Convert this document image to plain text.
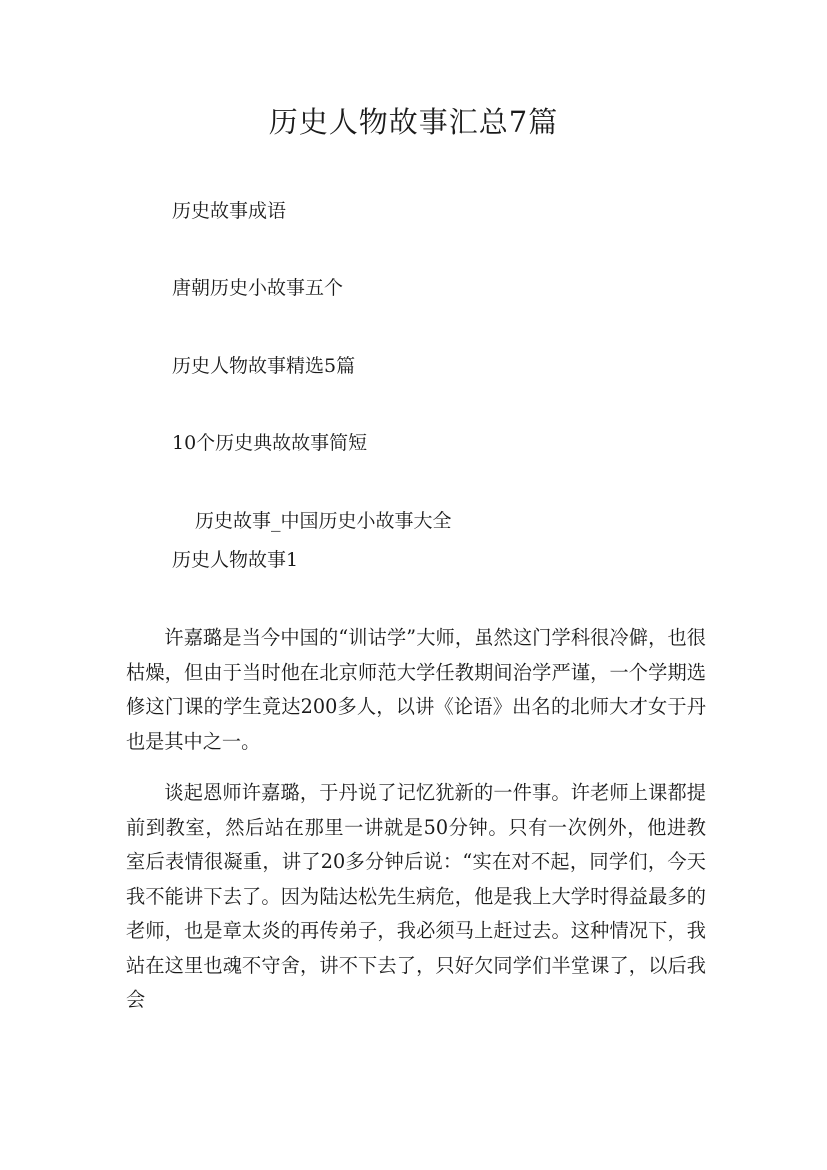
历史人物故事汇总7篇
历史故事成语
唐朝历史小故事五个
历史人物故事精选5篇
10个历史典故故事简短
历史故事_中国历史小故事大全
历史人物故事1

许嘉璐是当今中国的“训诂学”大师，虽然这门学科很冷僻，也很枯燥，但由于当时他在北京师范大学任教期间治学严谨，一个学期选修这门课的学生竟达200多人，以讲《论语》出名的北师大才女于丹也是其中之一。

谈起恩师许嘉璐，于丹说了记忆犹新的一件事。许老师上课都提前到教室，然后站在那里一讲就是50分钟。只有一次例外，他进教室后表情很凝重，讲了20多分钟后说：“实在对不起，同学们，今天我不能讲下去了。因为陆达松先生病危，他是我上大学时得益最多的老师，也是章太炎的再传弟子，我必须马上赶过去。这种情况下，我站在这里也魂不守舍，讲不下去了，只好欠同学们半堂课了，以后我会
